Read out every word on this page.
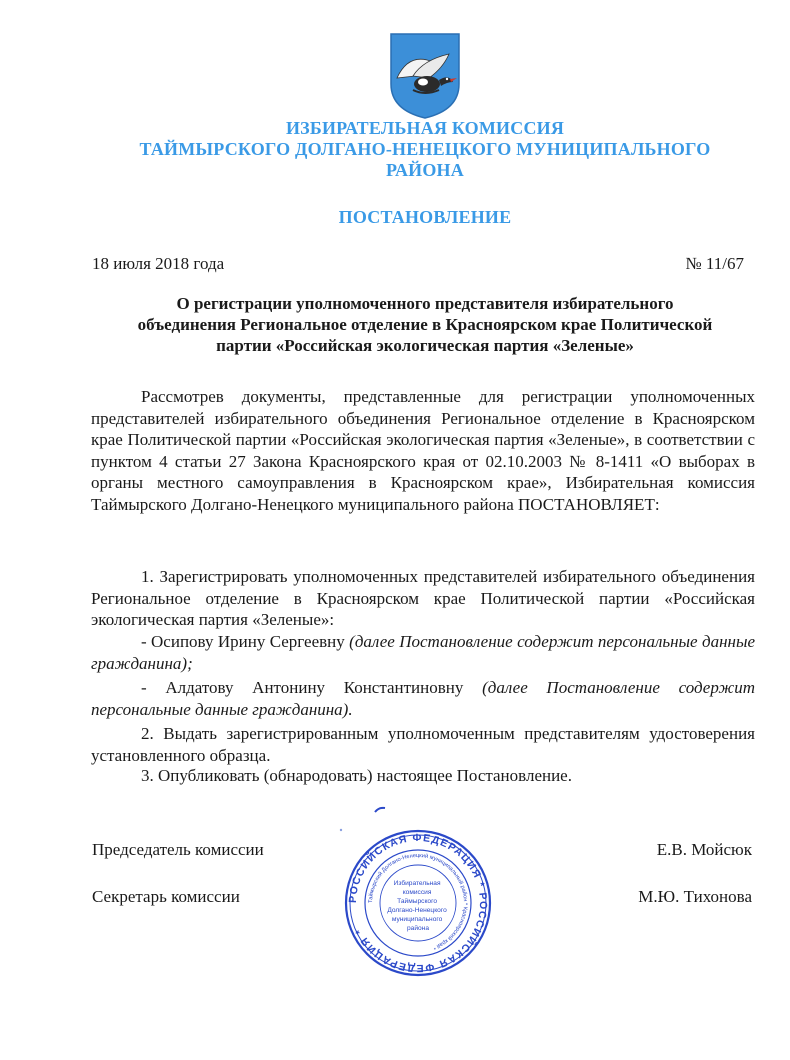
ИЗБИРАТЕЛЬНАЯ КОМИССИЯ
ТАЙМЫРСКОГО ДОЛГАНО-НЕНЕЦКОГО МУНИЦИПАЛЬНОГО
РАЙОНА
ПОСТАНОВЛЕНИЕ
18 июля 2018 года	№ 11/67
О регистрации уполномоченного представителя избирательного
объединения Региональное отделение в Красноярском крае Политической
партии «Российская экологическая партия «Зеленые»
Рассмотрев документы, представленные для регистрации уполномоченных представителей избирательного объединения Региональное отделение в Красноярском крае Политической партии «Российская экологическая партия «Зеленые», в соответствии с пунктом 4 статьи 27 Закона Красноярского края от 02.10.2003 № 8-1411 «О выборах в органы местного самоуправления в Красноярском крае», Избирательная комиссия Таймырского Долгано-Ненецкого муниципального района ПОСТАНОВЛЯЕТ:
1. Зарегистрировать уполномоченных представителей избирательного объединения Региональное отделение в Красноярском крае Политической партии «Российская экологическая партия «Зеленые»:
- Осипову Ирину Сергеевну (далее Постановление содержит персональные данные гражданина);
- Алдатову Антонину Константиновну (далее Постановление содержит персональные данные гражданина).
2. Выдать зарегистрированным уполномоченным представителям удостоверения установленного образца.
3. Опубликовать (обнародовать) настоящее Постановление.
Председатель комиссии	Е.В. Мойсюк
Секретарь комиссии	М.Ю. Тихонова
РОССИЙСКАЯ ФЕДЕРАЦИЯ * РОССИЙСКАЯ ФЕДЕРАЦИЯ *
Таймырский Долгано-Ненецкий муниципальный район * Красноярский край *
Избирательная комиссия Таймырского Долгано-Ненецкого муниципального района
